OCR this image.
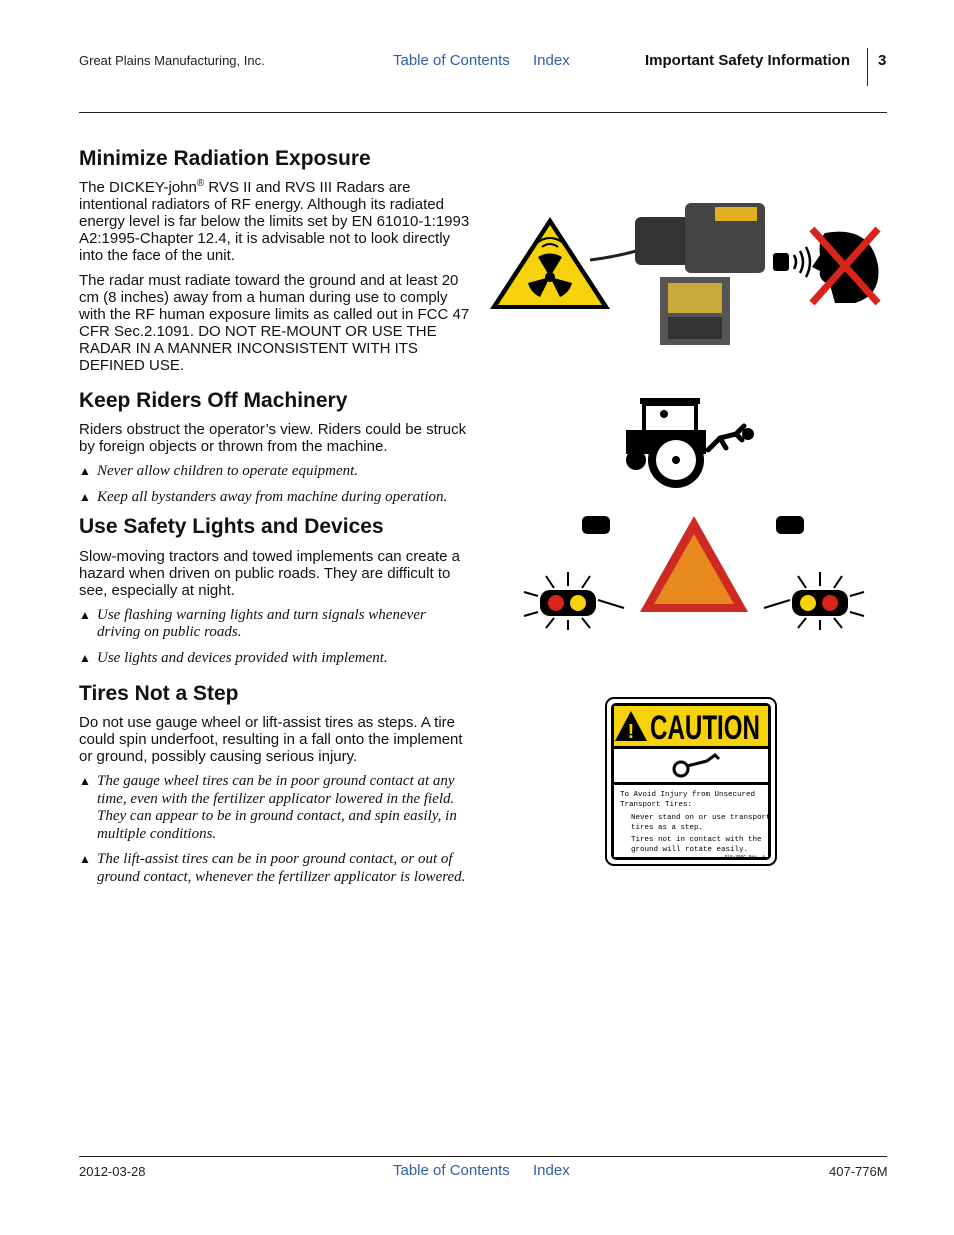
Great Plains Manufacturing, Inc.	Table of Contents Index	Important Safety Information 3
Minimize Radiation Exposure

The DICKEY-john® RVS II and RVS III Radars are intentional radiators of RF energy. Although its radiated energy level is far below the limits set by EN 61010-1:1993 A2:1995-Chapter 12.4, it is advisable not to look directly into the face of the unit.

The radar must radiate toward the ground and at least 20 cm (8 inches) away from a human during use to comply with the RF human exposure limits as called out in FCC 47 CFR Sec.2.1091. DO NOT RE-MOUNT OR USE THE RADAR IN A MANNER INCONSISTENT WITH ITS DEFINED USE.

Keep Riders Off Machinery

Riders obstruct the operator’s view. Riders could be struck by foreign objects or thrown from the machine.

▲ Never allow children to operate equipment.
▲ Keep all bystanders away from machine during operation.
Use Safety Lights and Devices

Slow-moving tractors and towed implements can create a hazard when driven on public roads. They are difficult to see, especially at night.

▲ Use flashing warning lights and turn signals whenever driving on public roads.
▲ Use lights and devices provided with implement.
Tires Not a Step

Do not use gauge wheel or lift-assist tires as steps. A tire could spin underfoot, resulting in a fall onto the implement or ground, possibly causing serious injury.

▲ The gauge wheel tires can be in poor ground contact at any time, even with the fertilizer applicator lowered in the field. They can appear to be in ground contact, and spin easily, in multiple conditions.
▲ The lift-assist tires can be in poor ground contact, or out of ground contact, whenever the fertilizer applicator is lowered.
! CAUTION
To Avoid Injury from Unsecured
Transport Tires:
Never stand on or use transport
tires as a step.
Tires not in contact with the
ground will rotate easily.
818-398C Rev. A
2012-03-28	Table of Contents Index	407-776M
